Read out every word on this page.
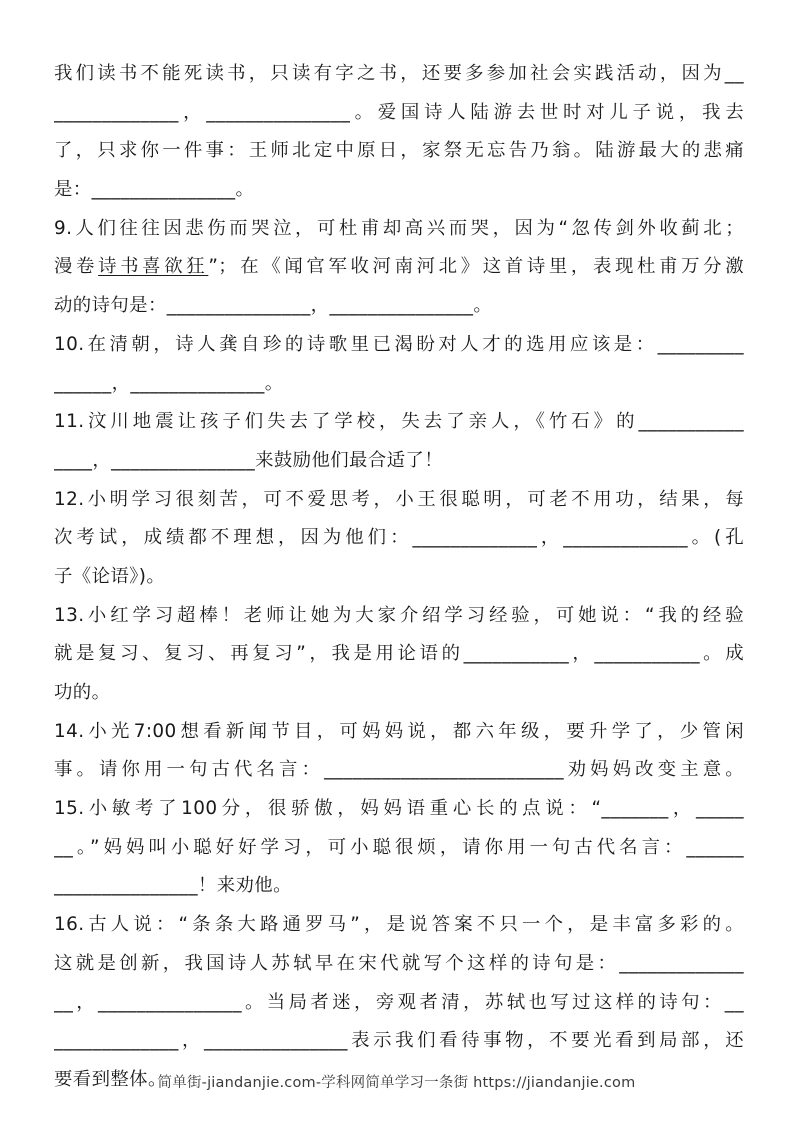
我们读书不能死读书，只读有字之书，还要多参加社会实践活动，因为__
_____________，_______________。爱国诗人陆游去世时对儿子说，我去
了，只求你一件事：王师北定中原日，家祭无忘告乃翁。陆游最大的悲痛
是：_______________。
9.人们往往因悲伤而哭泣，可杜甫却高兴而哭，因为“忽传剑外收蓟北；
漫卷诗书喜欲狂”；在《闻官军收河南河北》这首诗里，表现杜甫万分激
动的诗句是：_______________，_______________。
10.在清朝，诗人龚自珍的诗歌里已渴盼对人才的选用应该是：_________
______，______________。
11.汶川地震让孩子们失去了学校，失去了亲人，《竹石》的___________
____，_______________来鼓励他们最合适了！
12.小明学习很刻苦，可不爱思考，小王很聪明，可老不用功，结果，每
次考试，成绩都不理想，因为他们：_____________，_____________。(孔
子《论语》)。
13.小红学习超棒！老师让她为大家介绍学习经验，可她说：“我的经验
就是复习、复习、再复习”，我是用论语的___________，___________。成
功的。
14.小光7:00想看新闻节目，可妈妈说，都六年级，要升学了，少管闲
事。请你用一句古代名言：_________________________劝妈妈改变主意。
15.小敏考了100分，很骄傲，妈妈语重心长的点说：“_______，_____
__。”妈妈叫小聪好好学习，可小聪很烦，请你用一句古代名言：______
_______________！来劝他。
16.古人说：“条条大路通罗马”，是说答案不只一个，是丰富多彩的。
这就是创新，我国诗人苏轼早在宋代就写个这样的诗句是：_____________
__，_______________。当局者迷，旁观者清，苏轼也写过这样的诗句：__
_____________，_______________表示我们看待事物，不要光看到局部，还
要看到整体。
简单街-jiandanjie.com-学科网简单学习一条街 https://jiandanjie.com
